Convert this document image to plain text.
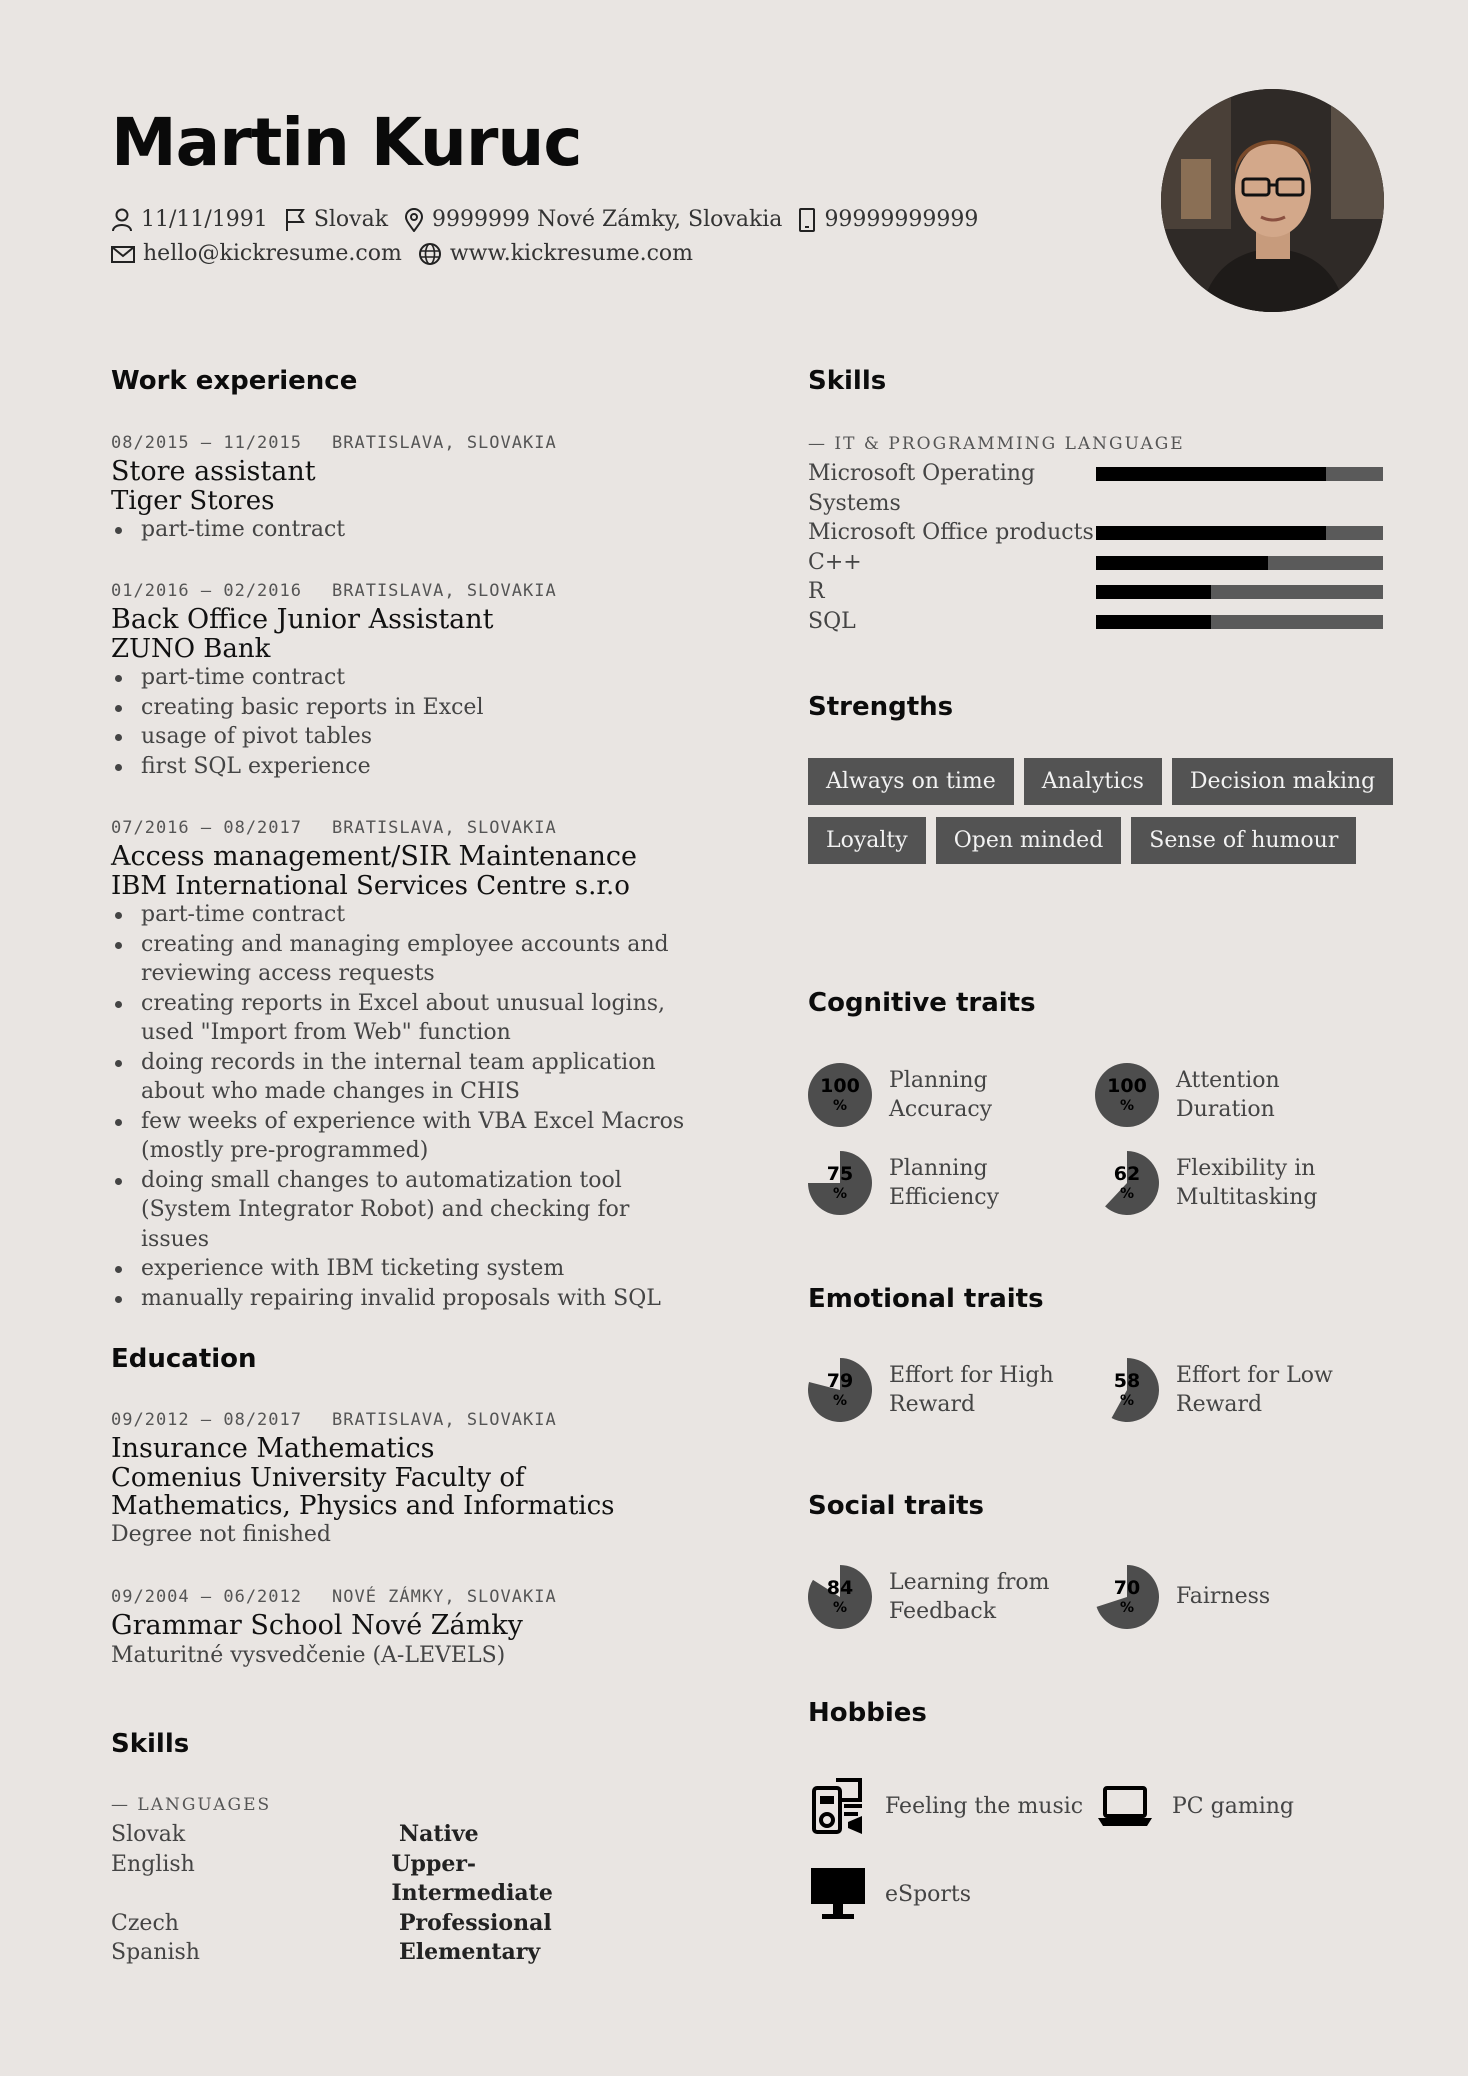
Martin Kuruc
11/11/1991 Slovak 9999999 Nové Zámky, Slovakia 99999999999
hello@kickresume.com www.kickresume.com
Work experience
08/2015 — 11/2015 BRATISLAVA, SLOVAKIA
Store assistant
Tiger Stores
part-time contract
01/2016 — 02/2016 BRATISLAVA, SLOVAKIA
Back Office Junior Assistant
ZUNO Bank
part-time contract
creating basic reports in Excel
usage of pivot tables
first SQL experience
07/2016 — 08/2017 BRATISLAVA, SLOVAKIA
Access management/SIR Maintenance
IBM International Services Centre s.r.o
part-time contract
creating and managing employee accounts and reviewing access requests
creating reports in Excel about unusual logins, used "Import from Web" function
doing records in the internal team application about who made changes in CHIS
few weeks of experience with VBA Excel Macros (mostly pre-programmed)
doing small changes to automatization tool (System Integrator Robot) and checking for issues
experience with IBM ticketing system
manually repairing invalid proposals with SQL
Education
09/2012 — 08/2017 BRATISLAVA, SLOVAKIA
Insurance Mathematics
Comenius University Faculty of Mathematics, Physics and Informatics
Degree not finished
09/2004 — 06/2012 NOVÉ ZÁMKY, SLOVAKIA
Grammar School Nové Zámky
Maturitné vysvedčenie (A-LEVELS)
Skills
— LANGUAGES
Slovak	Native
English	Upper-Intermediate
Czech	Professional
Spanish	Elementary
Skills
— IT & PROGRAMMING LANGUAGE
Microsoft Operating Systems
Microsoft Office products
C++
R
SQL
Strengths
Always on time	Analytics	Decision making
Loyalty	Open minded	Sense of humour
Cognitive traits
100
%
Planning Accuracy
100
%
Attention Duration
75
%
Planning Efficiency
62
%
Flexibility in Multitasking
Emotional traits
79
%
Effort for High Reward
58
%
Effort for Low Reward
Social traits
84
%
Learning from Feedback
70
% Fairness
Hobbies
Feeling the music	PC gaming
eSports
